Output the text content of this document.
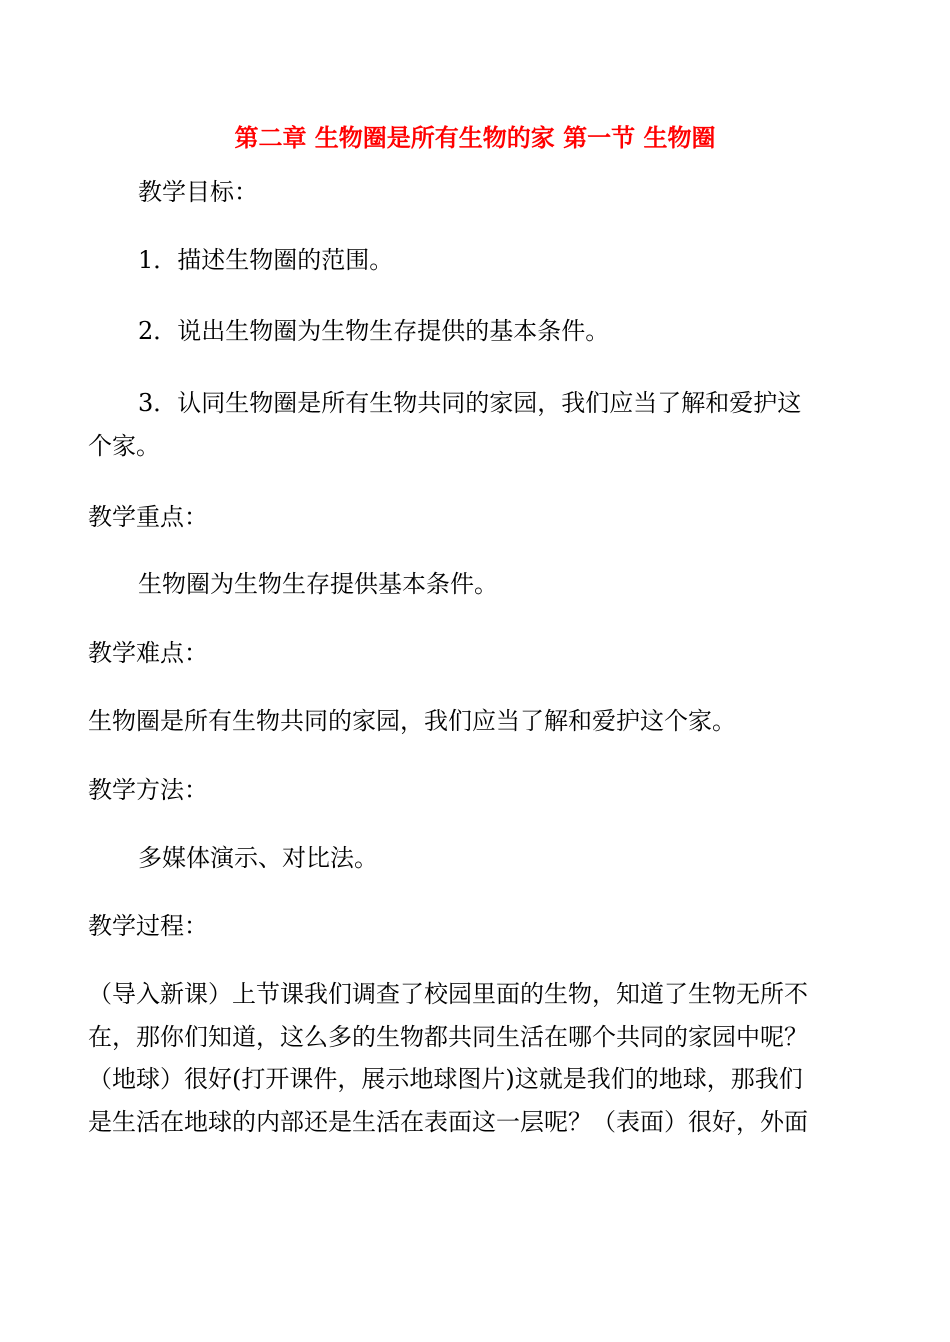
第二章 生物圈是所有生物的家 第一节 生物圈
教学目标：
1．描述生物圈的范围。
2．说出生物圈为生物生存提供的基本条件。
3．认同生物圈是所有生物共同的家园，我们应当了解和爱护这
个家。
教学重点：
生物圈为生物生存提供基本条件。
教学难点：
生物圈是所有生物共同的家园，我们应当了解和爱护这个家。
教学方法：
多媒体演示、对比法。
教学过程：
（导入新课）上节课我们调查了校园里面的生物，知道了生物无所不
在，那你们知道，这么多的生物都共同生活在哪个共同的家园中呢？
（地球）很好(打开课件，展示地球图片)这就是我们的地球，那我们
是生活在地球的内部还是生活在表面这一层呢？（表面）很好，外面
